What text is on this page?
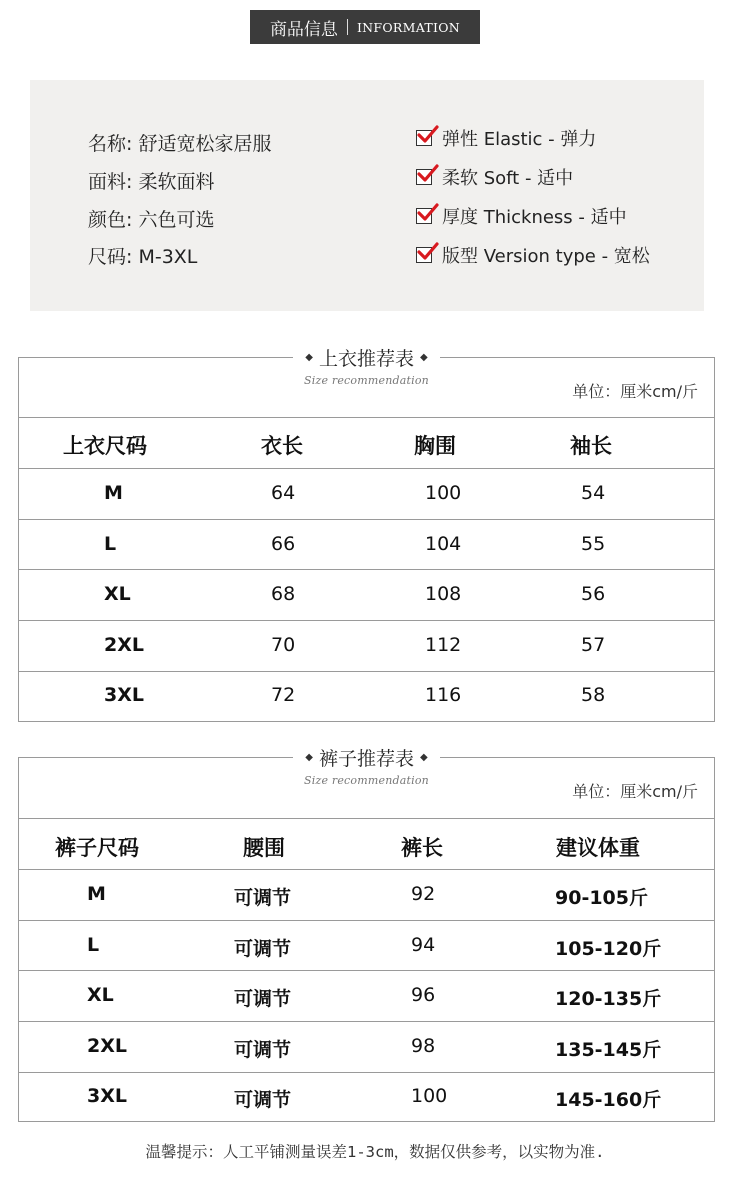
商品信息 INFORMATION
名称: 舒适宽松家居服
面料: 柔软面料
颜色: 六色可选
尺码: M-3XL
弹性 Elastic - 弹力
柔软 Soft - 适中
厚度 Thickness - 适中
版型 Version type - 宽松
◆ 上衣推荐表 ◆
Size recommendation
单位：厘米cm/斤
上衣尺码	衣长	胸围	袖长
M	64	100	54
L	66	104	55
XL	68	108	56
2XL	70	112	57
3XL	72	116	58
◆ 裤子推荐表 ◆
Size recommendation
单位：厘米cm/斤
裤子尺码	腰围	裤长	建议体重
M	可调节	92	90-105斤
L	可调节	94	105-120斤
XL	可调节	96	120-135斤
2XL	可调节	98	135-145斤
3XL	可调节	100	145-160斤
温馨提示：人工平铺测量误差1-3cm，数据仅供参考，以实物为准.
